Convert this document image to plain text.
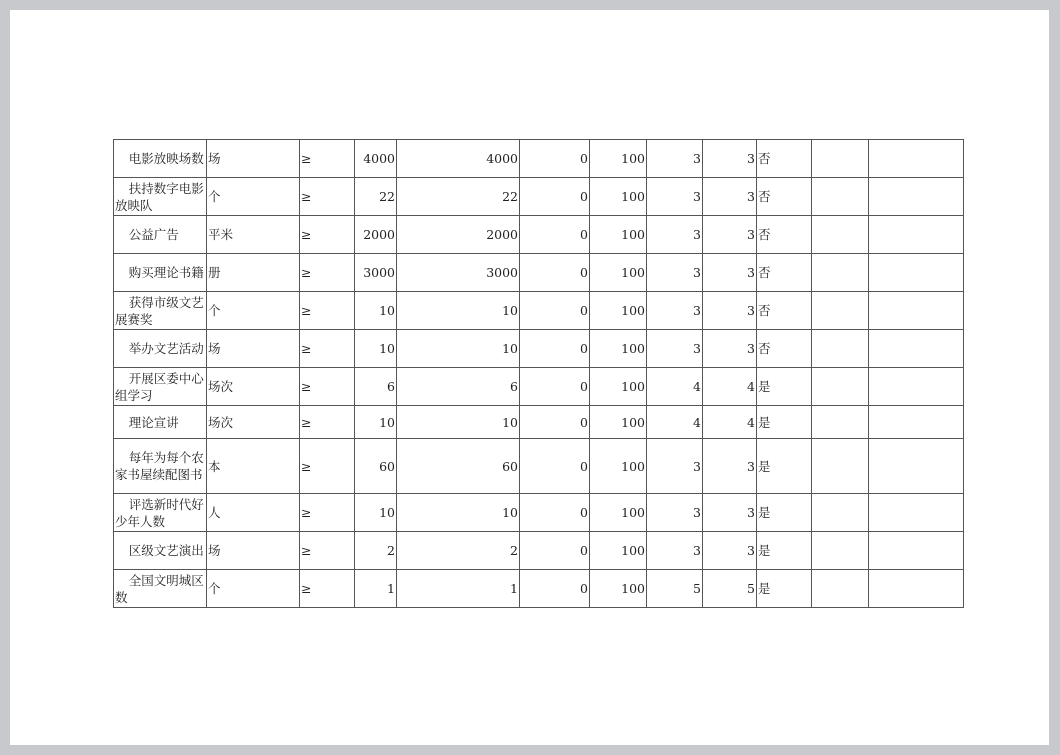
电影放映场数	场	≥	4000	4000	0	100	3	3	否		

扶持数字电影放映队	个	≥	22	22	0	100	3	3	否		

公益广告	平米	≥	2000	2000	0	100	3	3	否		

购买理论书籍	册	≥	3000	3000	0	100	3	3	否		

获得市级文艺展赛奖	个	≥	10	10	0	100	3	3	否		

举办文艺活动	场	≥	10	10	0	100	3	3	否		

开展区委中心组学习	场次	≥	6	6	0	100	4	4	是		

理论宣讲	场次	≥	10	10	0	100	4	4	是		

每年为每个农家书屋续配图书	本	≥	60	60	0	100	3	3	是		

评选新时代好少年人数	人	≥	10	10	0	100	3	3	是		

区级文艺演出	场	≥	2	2	0	100	3	3	是		

全国文明城区数	个	≥	1	1	0	100	5	5	是		
